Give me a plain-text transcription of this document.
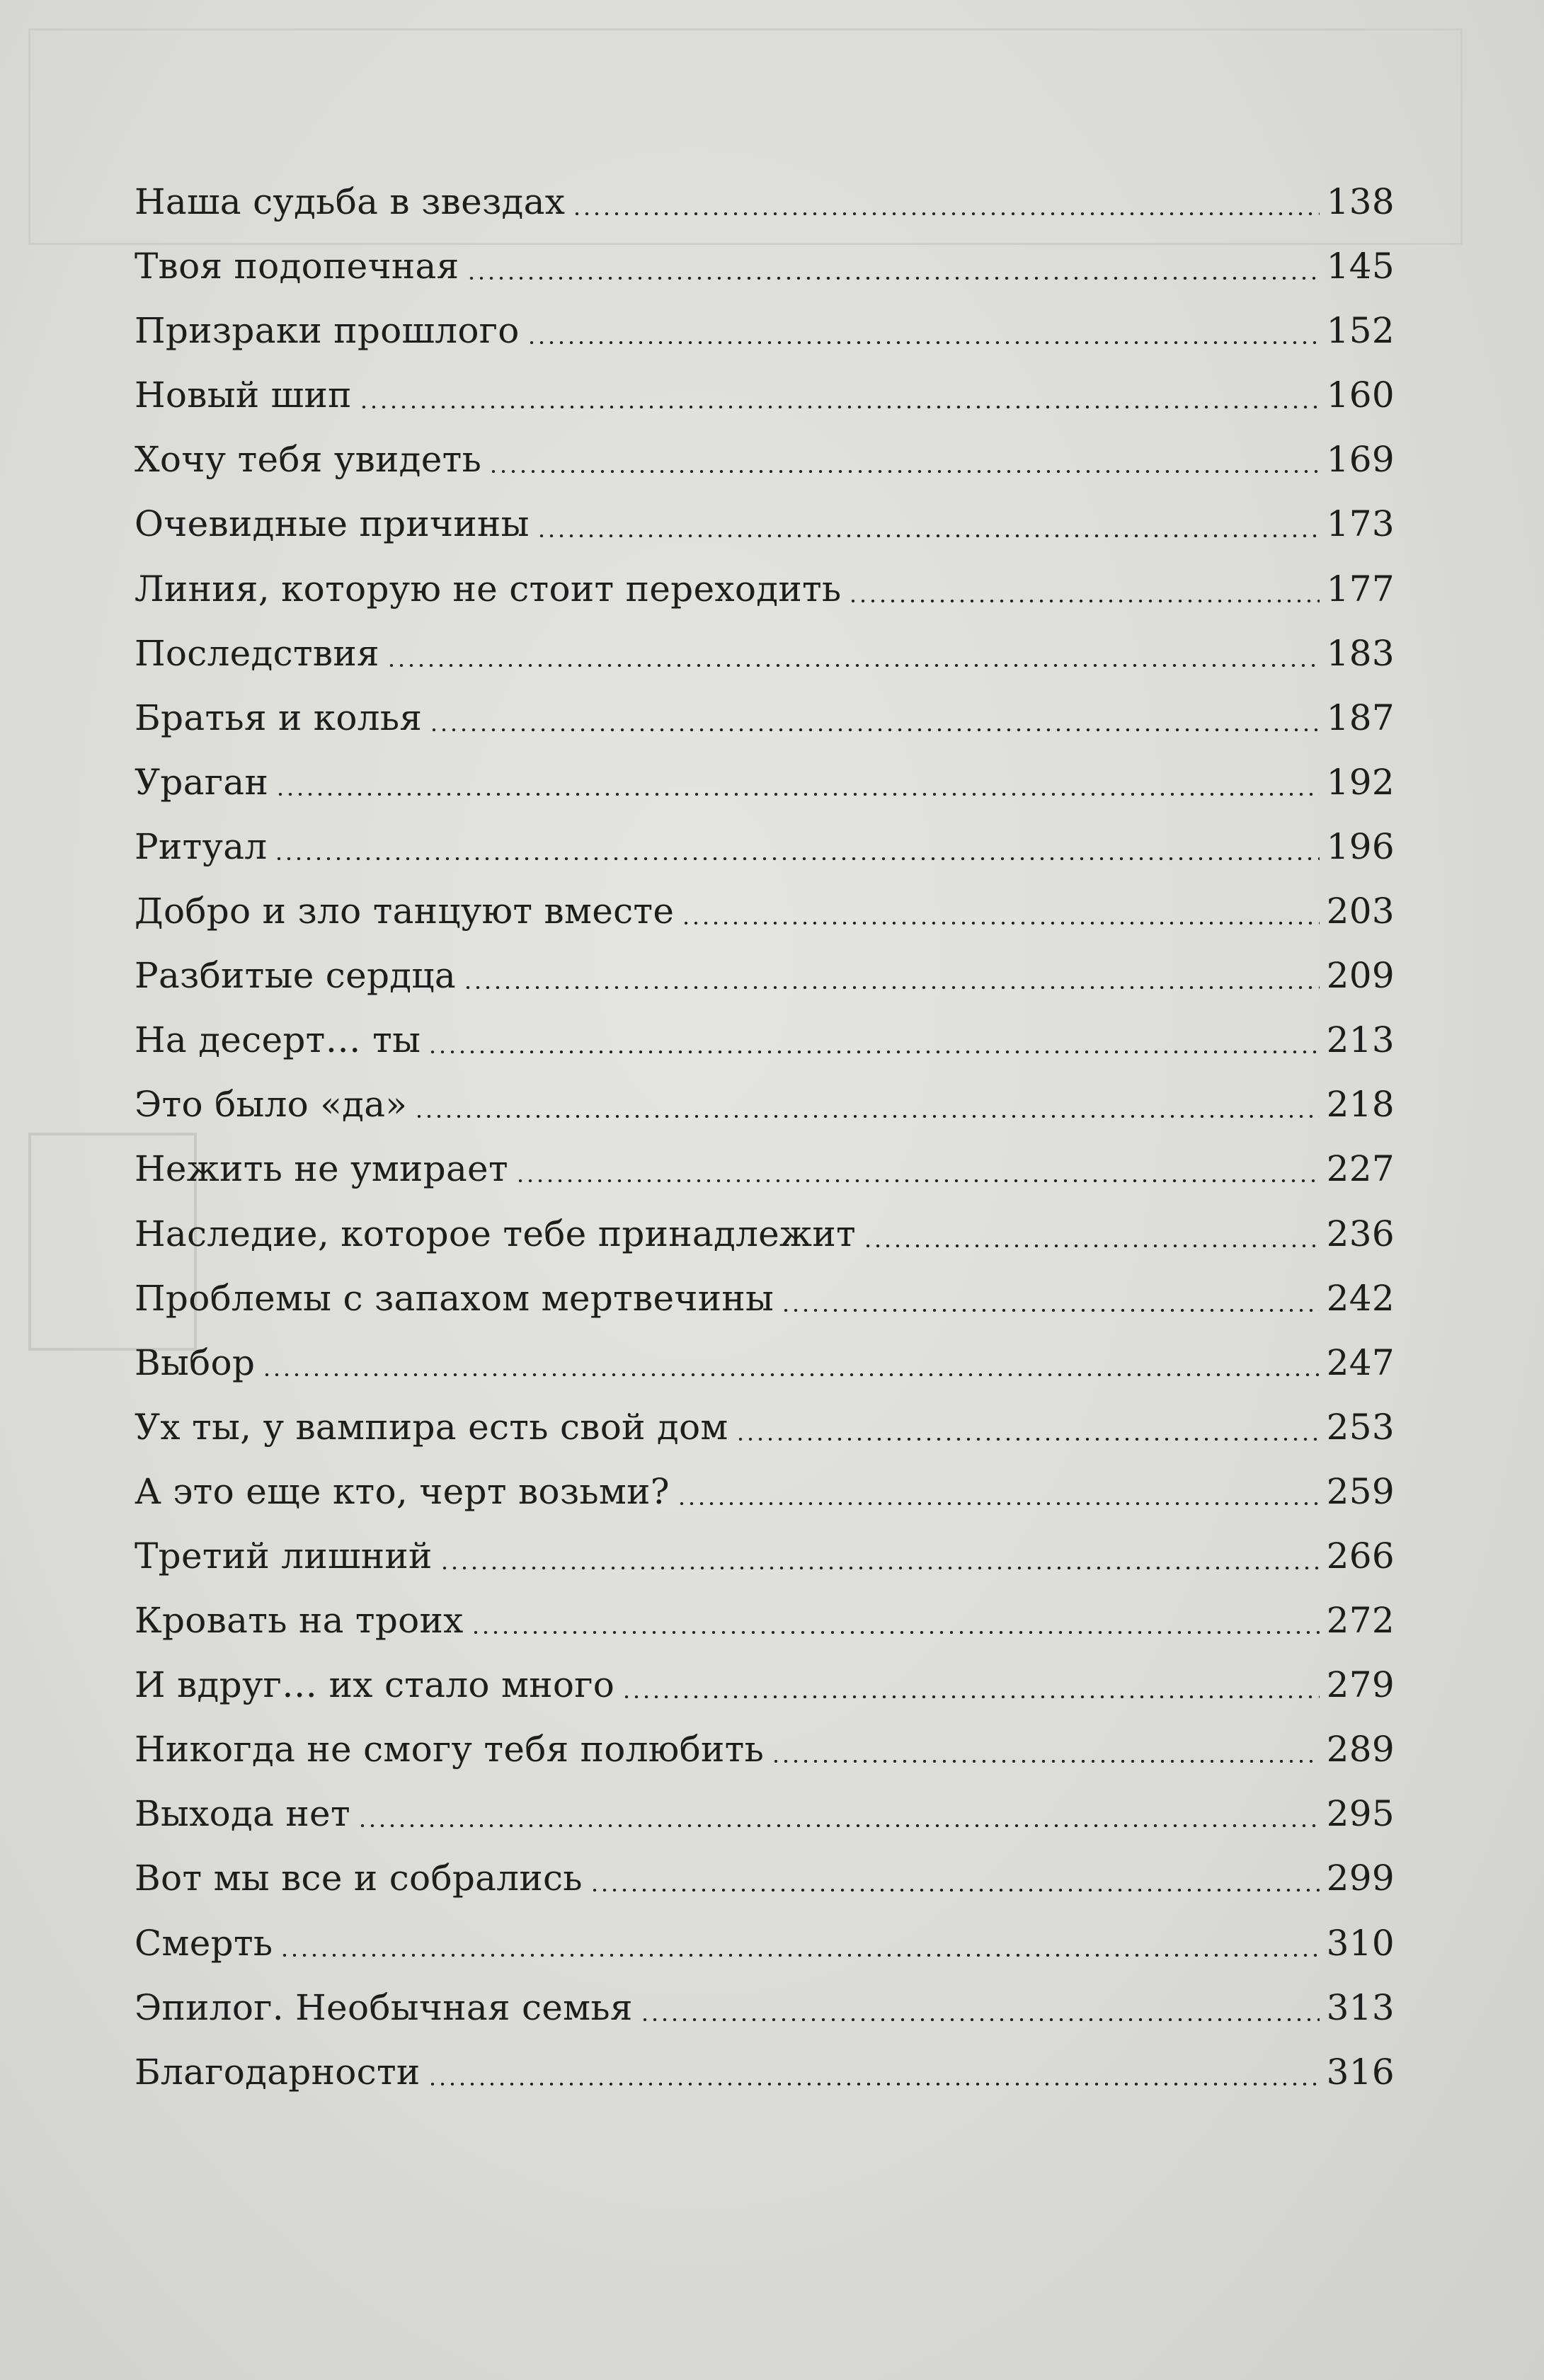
Наша судьба в звездах	138
Твоя подопечная	145
Призраки прошлого	152
Новый шип	160
Хочу тебя увидеть	169
Очевидные причины	173
Линия, которую не стоит переходить	177
Последствия	183
Братья и колья	187
Ураган	192
Ритуал	196
Добро и зло танцуют вместе	203
Разбитые сердца	209
На десерт… ты	213
Это было «да»	218
Нежить не умирает	227
Наследие, которое тебе принадлежит	236
Проблемы с запахом мертвечины	242
Выбор	247
Ух ты, у вампира есть свой дом	253
А это еще кто, черт возьми?	259
Третий лишний	266
Кровать на троих	272
И вдруг… их стало много	279
Никогда не смогу тебя полюбить	289
Выхода нет	295
Вот мы все и собрались	299
Смерть	310
Эпилог. Необычная семья	313
Благодарности	316
